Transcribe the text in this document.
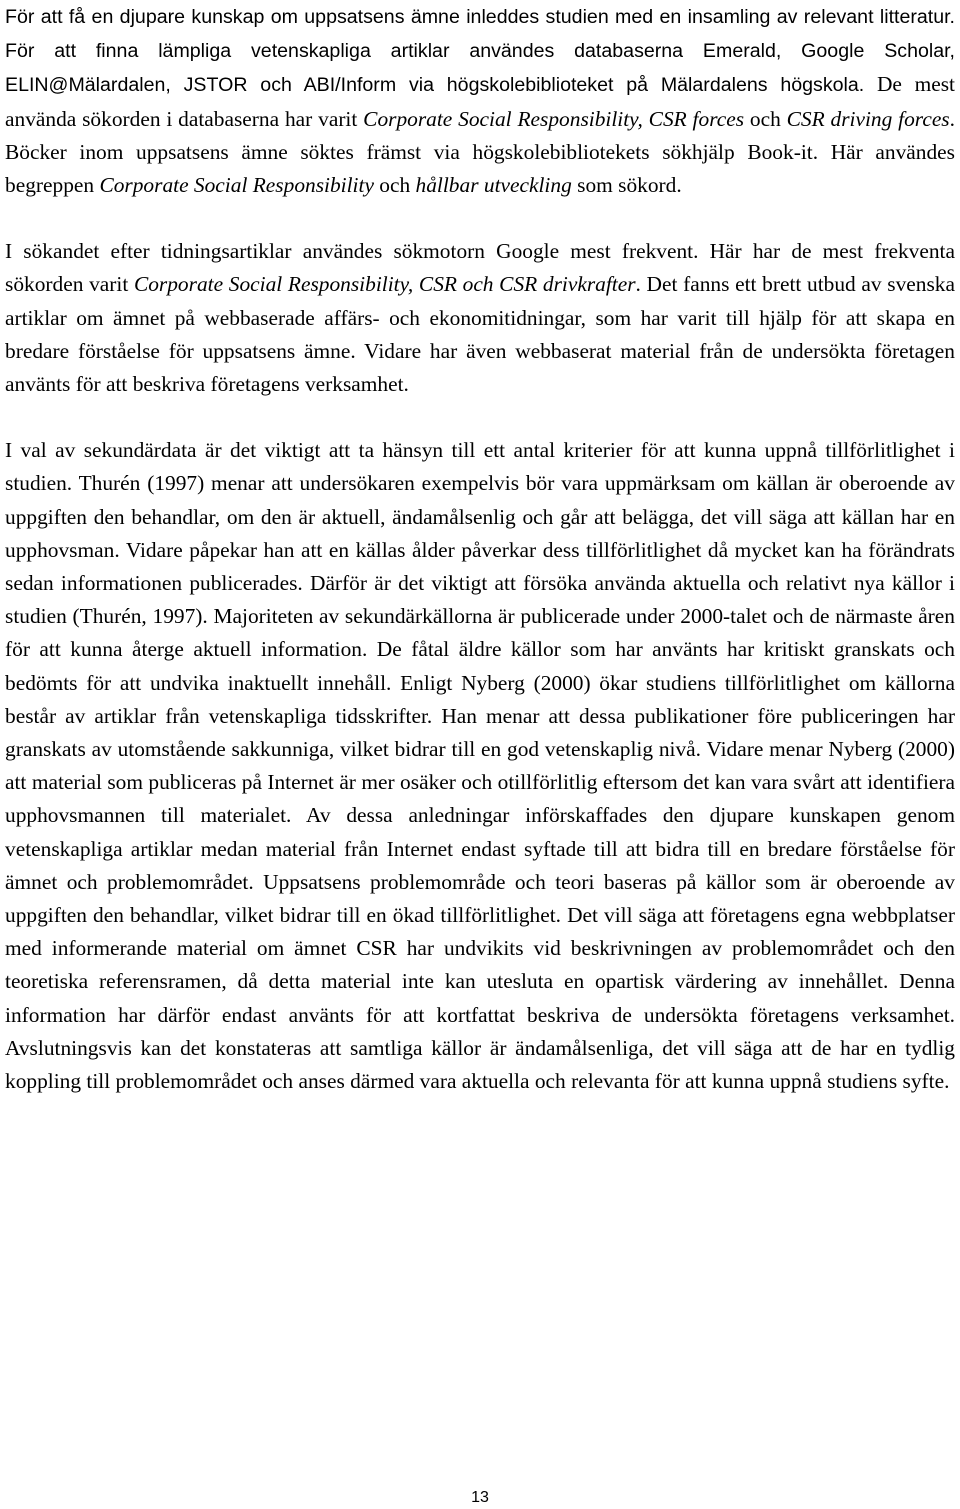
För att få en djupare kunskap om uppsatsens ämne inleddes studien med en insamling av relevant litteratur. För att finna lämpliga vetenskapliga artiklar användes databaserna Emerald, Google Scholar, ELIN@Mälardalen, JSTOR och ABI/Inform via högskolebiblioteket på Mälardalens högskola. De mest använda sökorden i databaserna har varit Corporate Social Responsibility, CSR forces och CSR driving forces. Böcker inom uppsatsens ämne söktes främst via högskolebibliotekets sökhjälp Book-it. Här användes begreppen Corporate Social Responsibility och hållbar utveckling som sökord.

I sökandet efter tidningsartiklar användes sökmotorn Google mest frekvent. Här har de mest frekventa sökorden varit Corporate Social Responsibility, CSR och CSR drivkrafter. Det fanns ett brett utbud av svenska artiklar om ämnet på webbaserade affärs- och ekonomitidningar, som har varit till hjälp för att skapa en bredare förståelse för uppsatsens ämne. Vidare har även webbaserat material från de undersökta företagen använts för att beskriva företagens verksamhet.

I val av sekundärdata är det viktigt att ta hänsyn till ett antal kriterier för att kunna uppnå tillförlitlighet i studien. Thurén (1997) menar att undersökaren exempelvis bör vara uppmärksam om källan är oberoende av uppgiften den behandlar, om den är aktuell, ändamålsenlig och går att belägga, det vill säga att källan har en upphovsman. Vidare påpekar han att en källas ålder påverkar dess tillförlitlighet då mycket kan ha förändrats sedan informationen publicerades. Därför är det viktigt att försöka använda aktuella och relativt nya källor i studien (Thurén, 1997). Majoriteten av sekundärkällorna är publicerade under 2000-talet och de närmaste åren för att kunna återge aktuell information. De fåtal äldre källor som har använts har kritiskt granskats och bedömts för att undvika inaktuellt innehåll. Enligt Nyberg (2000) ökar studiens tillförlitlighet om källorna består av artiklar från vetenskapliga tidsskrifter. Han menar att dessa publikationer före publiceringen har granskats av utomstående sakkunniga, vilket bidrar till en god vetenskaplig nivå. Vidare menar Nyberg (2000) att material som publiceras på Internet är mer osäker och otillförlitlig eftersom det kan vara svårt att identifiera upphovsmannen till materialet. Av dessa anledningar införskaffades den djupare kunskapen genom vetenskapliga artiklar medan material från Internet endast syftade till att bidra till en bredare förståelse för ämnet och problemområdet. Uppsatsens problemområde och teori baseras på källor som är oberoende av uppgiften den behandlar, vilket bidrar till en ökad tillförlitlighet. Det vill säga att företagens egna webbplatser med informerande material om ämnet CSR har undvikits vid beskrivningen av problemområdet och den teoretiska referensramen, då detta material inte kan utesluta en opartisk värdering av innehållet. Denna information har därför endast använts för att kortfattat beskriva de undersökta företagens verksamhet. Avslutningsvis kan det konstateras att samtliga källor är ändamålsenliga, det vill säga att de har en tydlig koppling till problemområdet och anses därmed vara aktuella och relevanta för att kunna uppnå studiens syfte.

13
